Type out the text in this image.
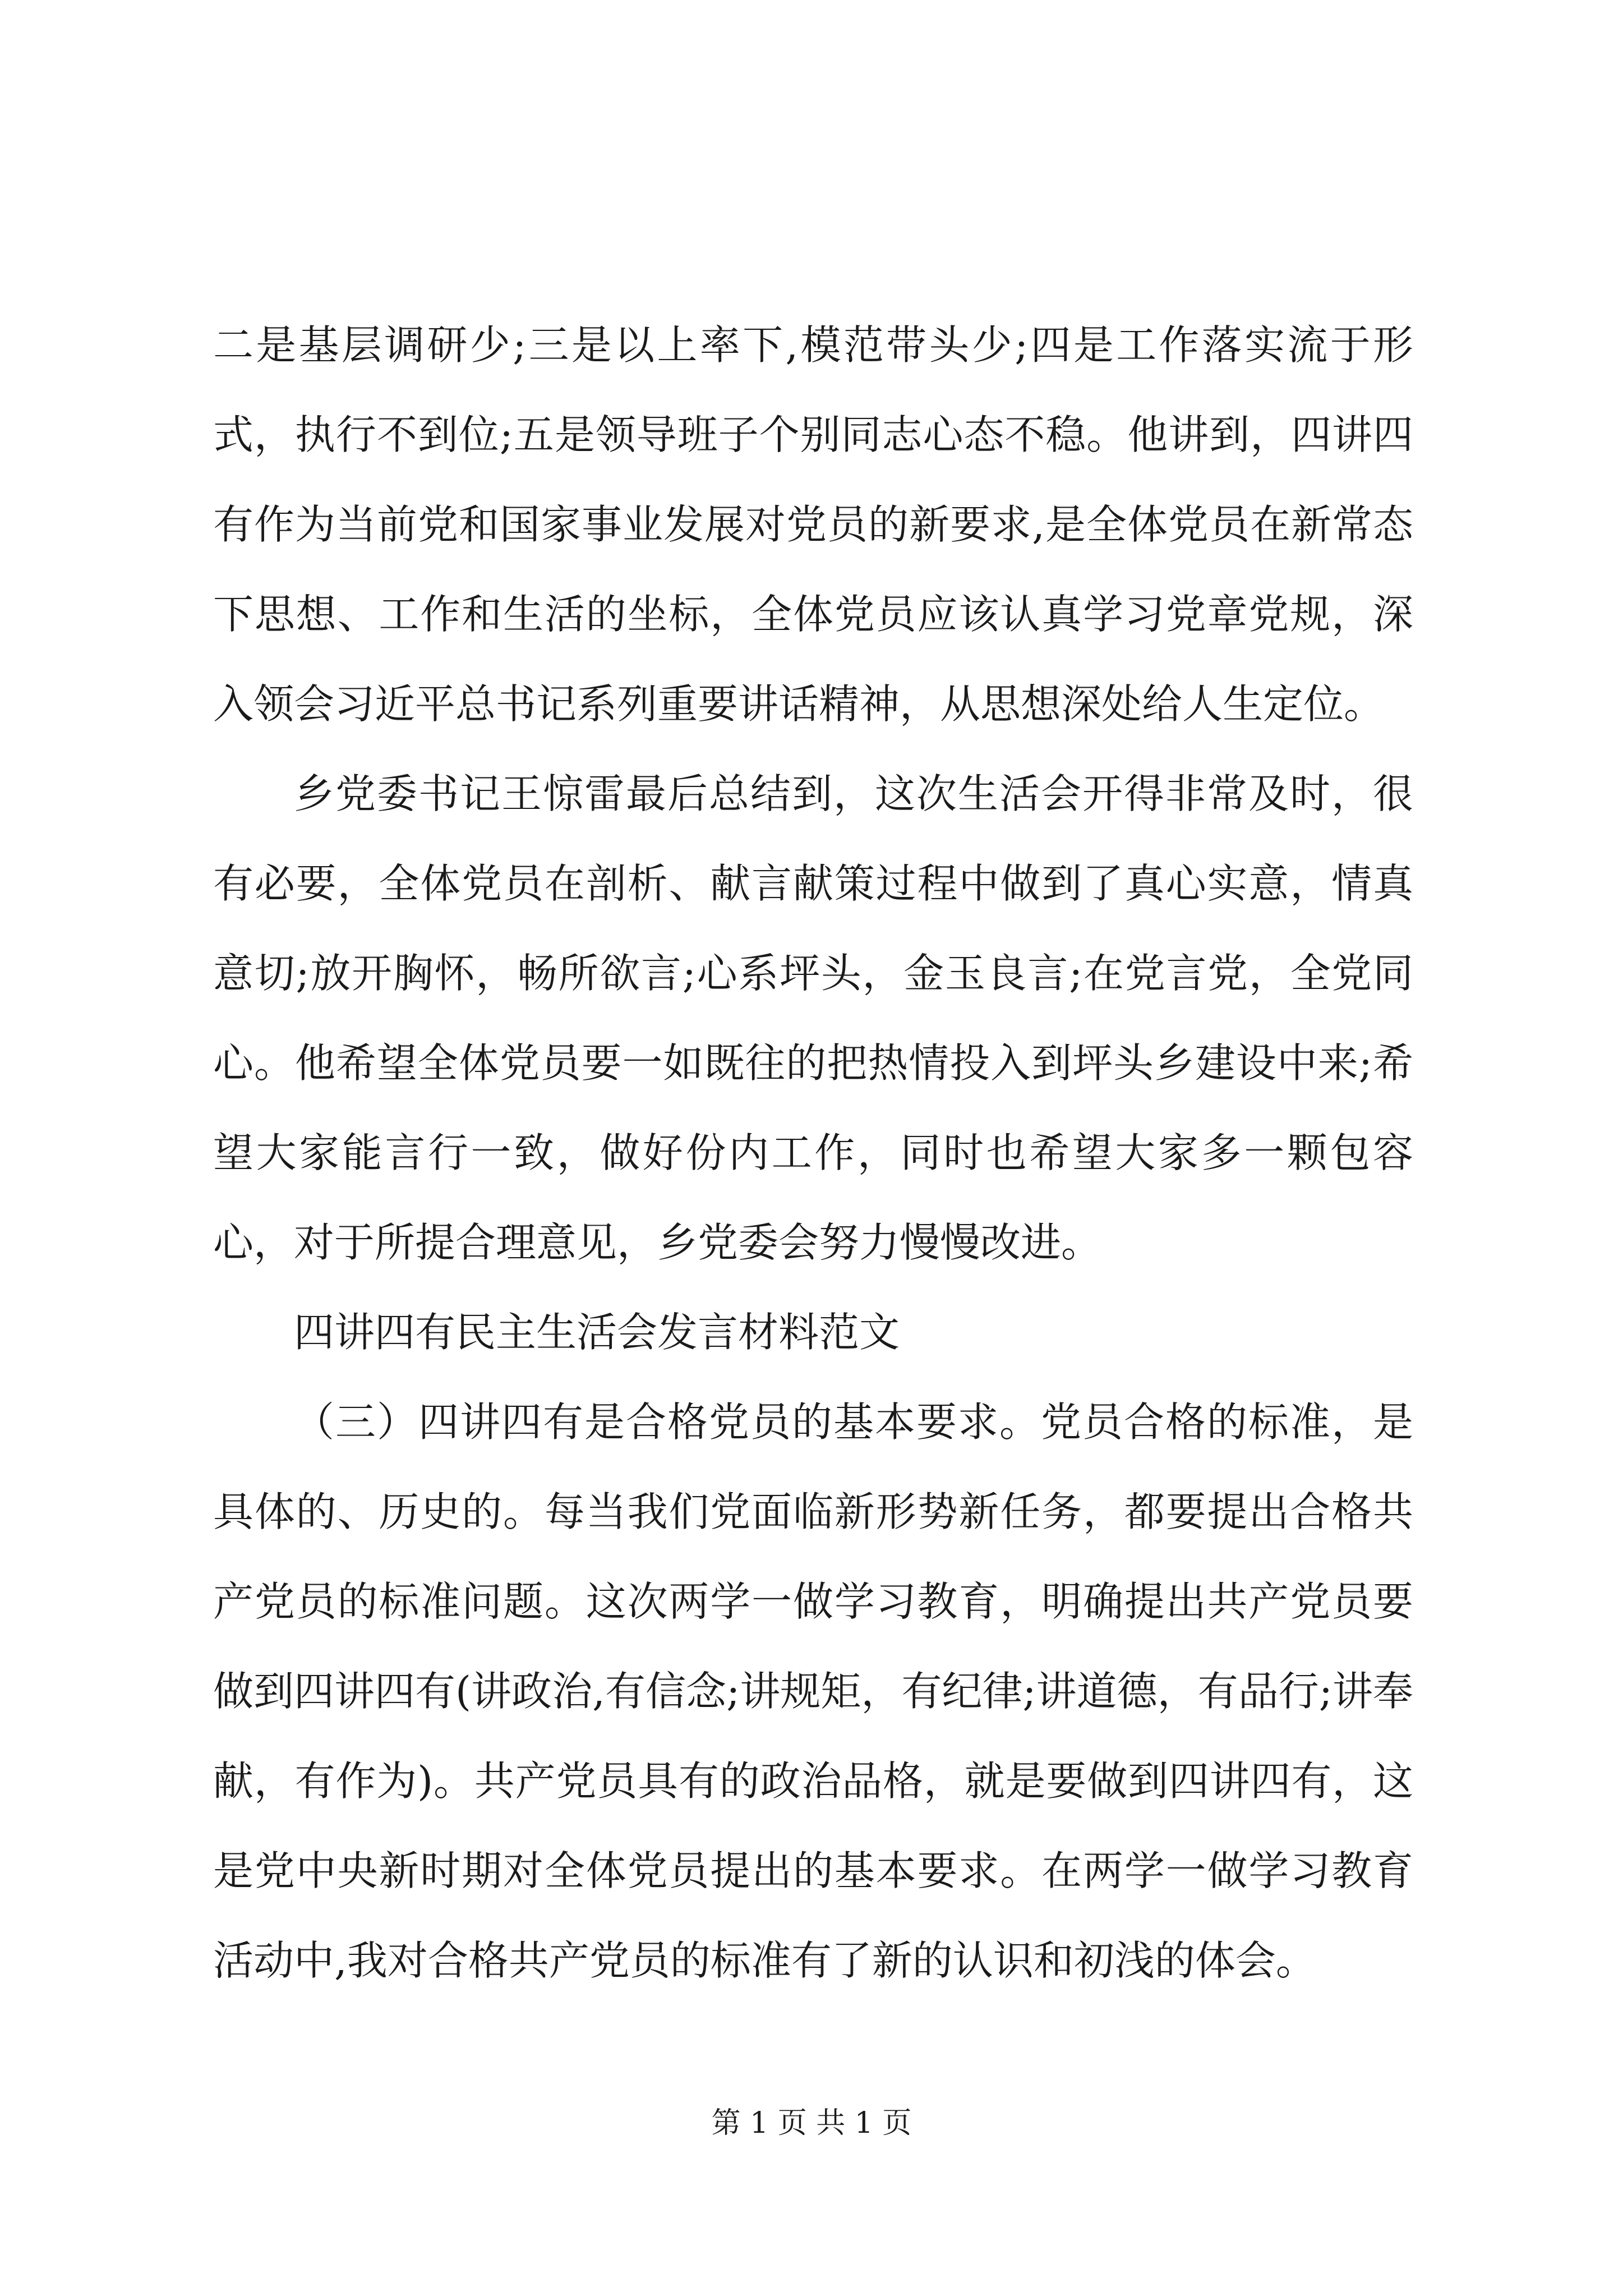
二是基层调研少;三是以上率下,模范带头少;四是工作落实流于形式，执行不到位;五是领导班子个别同志心态不稳。他讲到，四讲四有作为当前党和国家事业发展对党员的新要求,是全体党员在新常态下思想、工作和生活的坐标，全体党员应该认真学习党章党规，深入领会习近平总书记系列重要讲话精神，从思想深处给人生定位。

乡党委书记王惊雷最后总结到，这次生活会开得非常及时，很有必要，全体党员在剖析、献言献策过程中做到了真心实意，情真意切;放开胸怀，畅所欲言;心系坪头，金玉良言;在党言党，全党同心。他希望全体党员要一如既往的把热情投入到坪头乡建设中来;希望大家能言行一致，做好份内工作，同时也希望大家多一颗包容心，对于所提合理意见，乡党委会努力慢慢改进。

四讲四有民主生活会发言材料范文

（三）四讲四有是合格党员的基本要求。党员合格的标准，是具体的、历史的。每当我们党面临新形势新任务，都要提出合格共产党员的标准问题。这次两学一做学习教育，明确提出共产党员要做到四讲四有(讲政治,有信念;讲规矩，有纪律;讲道德，有品行;讲奉献，有作为)。共产党员具有的政治品格，就是要做到四讲四有，这是党中央新时期对全体党员提出的基本要求。在两学一做学习教育活动中,我对合格共产党员的标准有了新的认识和初浅的体会。

第 1 页 共 1 页
